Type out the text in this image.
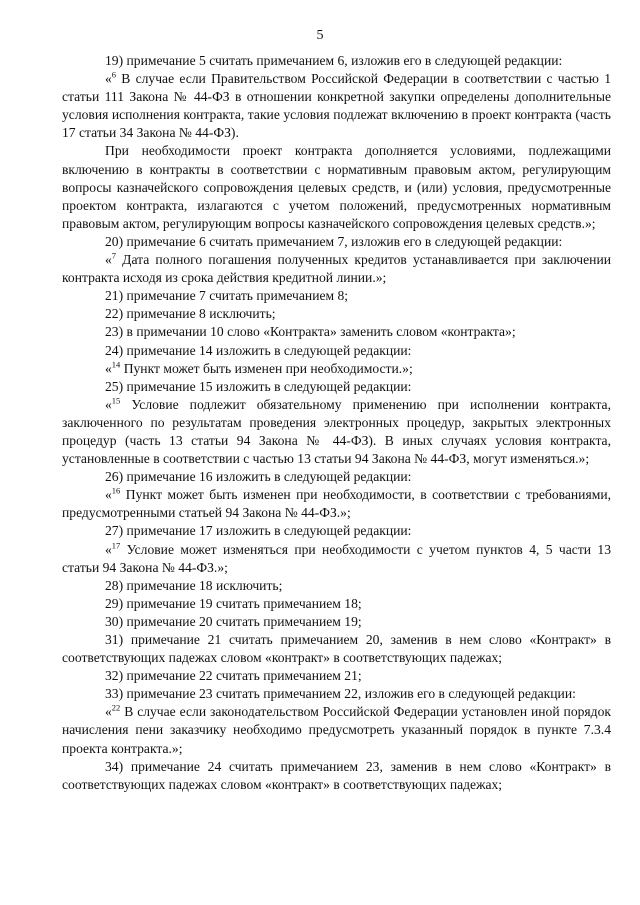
5

19) примечание 5 считать примечанием 6, изложив его в следующей редакции:

«$^6$ В случае если Правительством Российской Федерации в соответствии с частью 1 статьи 111 Закона № 44-ФЗ в отношении конкретной закупки определены дополнительные условия исполнения контракта, такие условия подлежат включению в проект контракта (часть 17 статьи 34 Закона № 44-ФЗ).

При необходимости проект контракта дополняется условиями, подлежащими включению в контракты в соответствии с нормативным правовым актом, регулирующим вопросы казначейского сопровождения целевых средств, и (или) условия, предусмотренные проектом контракта, излагаются с учетом положений, предусмотренных нормативным правовым актом, регулирующим вопросы казначейского сопровождения целевых средств.»;

20) примечание 6 считать примечанием 7, изложив его в следующей редакции:

«$^7$ Дата полного погашения полученных кредитов устанавливается при заключении контракта исходя из срока действия кредитной линии.»;

21) примечание 7 считать примечанием 8;

22) примечание 8 исключить;

23) в примечании 10 слово «Контракта» заменить словом «контракта»;

24) примечание 14 изложить в следующей редакции:

«$^{14}$ Пункт может быть изменен при необходимости.»;

25) примечание 15 изложить в следующей редакции:

«$^{15}$ Условие подлежит обязательному применению при исполнении контракта, заключенного по результатам проведения электронных процедур, закрытых электронных процедур (часть 13 статьи 94 Закона № 44-ФЗ). В иных случаях условия контракта, установленные в соответствии с частью 13 статьи 94 Закона № 44-ФЗ, могут изменяться.»;

26) примечание 16 изложить в следующей редакции:

«$^{16}$ Пункт может быть изменен при необходимости, в соответствии с требованиями, предусмотренными статьей 94 Закона № 44-ФЗ.»;

27) примечание 17 изложить в следующей редакции:

«$^{17}$ Условие может изменяться при необходимости с учетом пунктов 4, 5 части 13 статьи 94 Закона № 44-ФЗ.»;

28) примечание 18 исключить;

29) примечание 19 считать примечанием 18;

30) примечание 20 считать примечанием 19;

31) примечание 21 считать примечанием 20, заменив в нем слово «Контракт» в соответствующих падежах словом «контракт» в соответствующих падежах;

32) примечание 22 считать примечанием 21;

33) примечание 23 считать примечанием 22, изложив его в следующей редакции:

«$^{22}$ В случае если законодательством Российской Федерации установлен иной порядок начисления пени заказчику необходимо предусмотреть указанный порядок в пункте 7.3.4 проекта контракта.»;

34) примечание 24 считать примечанием 23, заменив в нем слово «Контракт» в соответствующих падежах словом «контракт» в соответствующих падежах;
